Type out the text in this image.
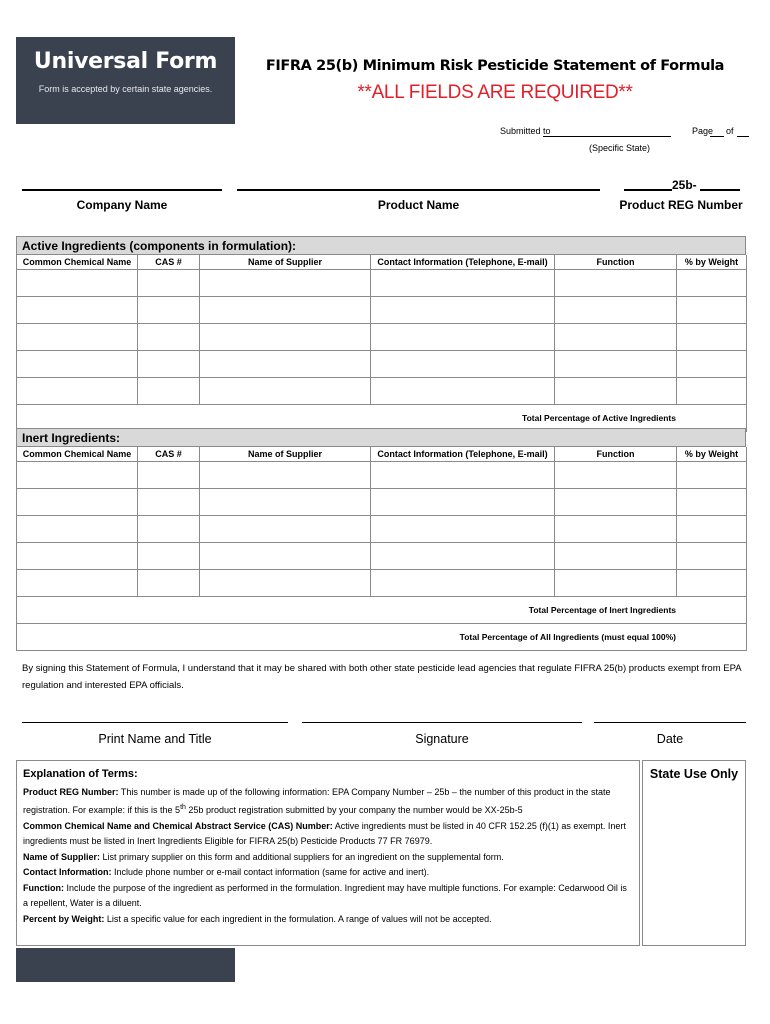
Universal Form
Form is accepted by certain state agencies.
FIFRA 25(b) Minimum Risk Pesticide Statement of Formula
**ALL FIELDS ARE REQUIRED**
Submitted to
(Specific State)
Page of
Company Name	Product Name
25b-
Product REG Number
Active Ingredients (components in formulation):
Common Chemical Name	CAS #	Name of Supplier	Contact Information (Telephone, E-mail)	Function	% by Weight

Total Percentage of Active Ingredients					
Inert Ingredients:
Common Chemical Name	CAS #	Name of Supplier	Contact Information (Telephone, E-mail)	Function	% by Weight

Total Percentage of Inert Ingredients					
Total Percentage of All Ingredients (must equal 100%)					
By signing this Statement of Formula, I understand that it may be shared with both other state pesticide lead agencies that regulate FIFRA 25(b) products exempt from EPA regulation and interested EPA officials.
Print Name and Title	Signature	Date
Explanation of Terms:
Product REG Number: This number is made up of the following information: EPA Company Number – 25b – the number of this product in the state registration. For example: if this is the 5th 25b product registration submitted by your company the number would be XX-25b-5
Common Chemical Name and Chemical Abstract Service (CAS) Number: Active ingredients must be listed in 40 CFR 152.25 (f)(1) as exempt. Inert ingredients must be listed in Inert Ingredients Eligible for FIFRA 25(b) Pesticide Products 77 FR 76979.
Name of Supplier: List primary supplier on this form and additional suppliers for an ingredient on the supplemental form.
Contact Information: Include phone number or e-mail contact information (same for active and inert).
Function: Include the purpose of the ingredient as performed in the formulation. Ingredient may have multiple functions. For example: Cedarwood Oil is a repellent, Water is a diluent.
Percent by Weight: List a specific value for each ingredient in the formulation. A range of values will not be accepted.
State Use Only
